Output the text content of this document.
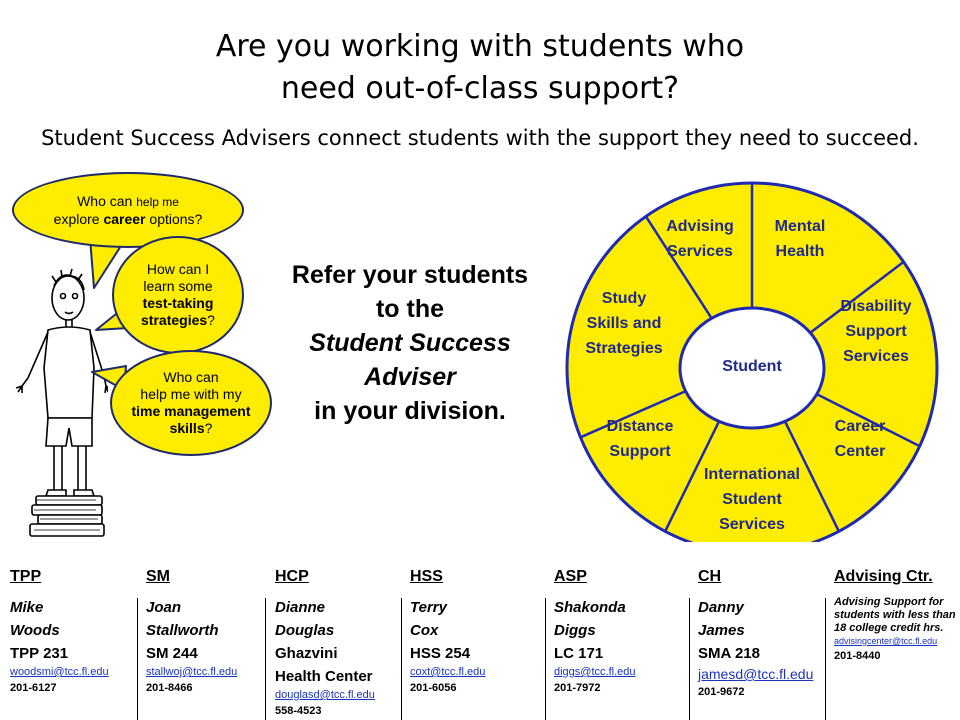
Are you working with students who
need out-of-class support?
Student Success Advisers connect students with the support they need to succeed.
Who can help me
explore career options?
How can I
learn some
test-taking
strategies?
Who can
help me with my
time management
skills?
Refer your students
to the
Student Success
Adviser
in your division.
Advising
Services
Mental
Health
Disability
Support
Services
Career
Center
International
Student
Services
Distance
Support
Study
Skills and
Strategies
Student
TPP
Mike
Woods
TPP 231
woodsmi@tcc.fl.edu
201-6127
SM
Joan
Stallworth
SM 244
stallwoj@tcc.fl.edu
201-8466
HCP
Dianne
Douglas
Ghazvini
Health Center
douglasd@tcc.fl.edu
558-4523
HSS
Terry
Cox
HSS 254
coxt@tcc.fl.edu
201-6056
ASP
Shakonda
Diggs
LC 171
diggs@tcc.fl.edu
201-7972
CH
Danny
James
SMA 218
jamesd@tcc.fl.edu
201-9672
Advising Ctr.
Advising Support for students with less than 18 college credit hrs.
advisingcenter@tcc.fl.edu
201-8440
